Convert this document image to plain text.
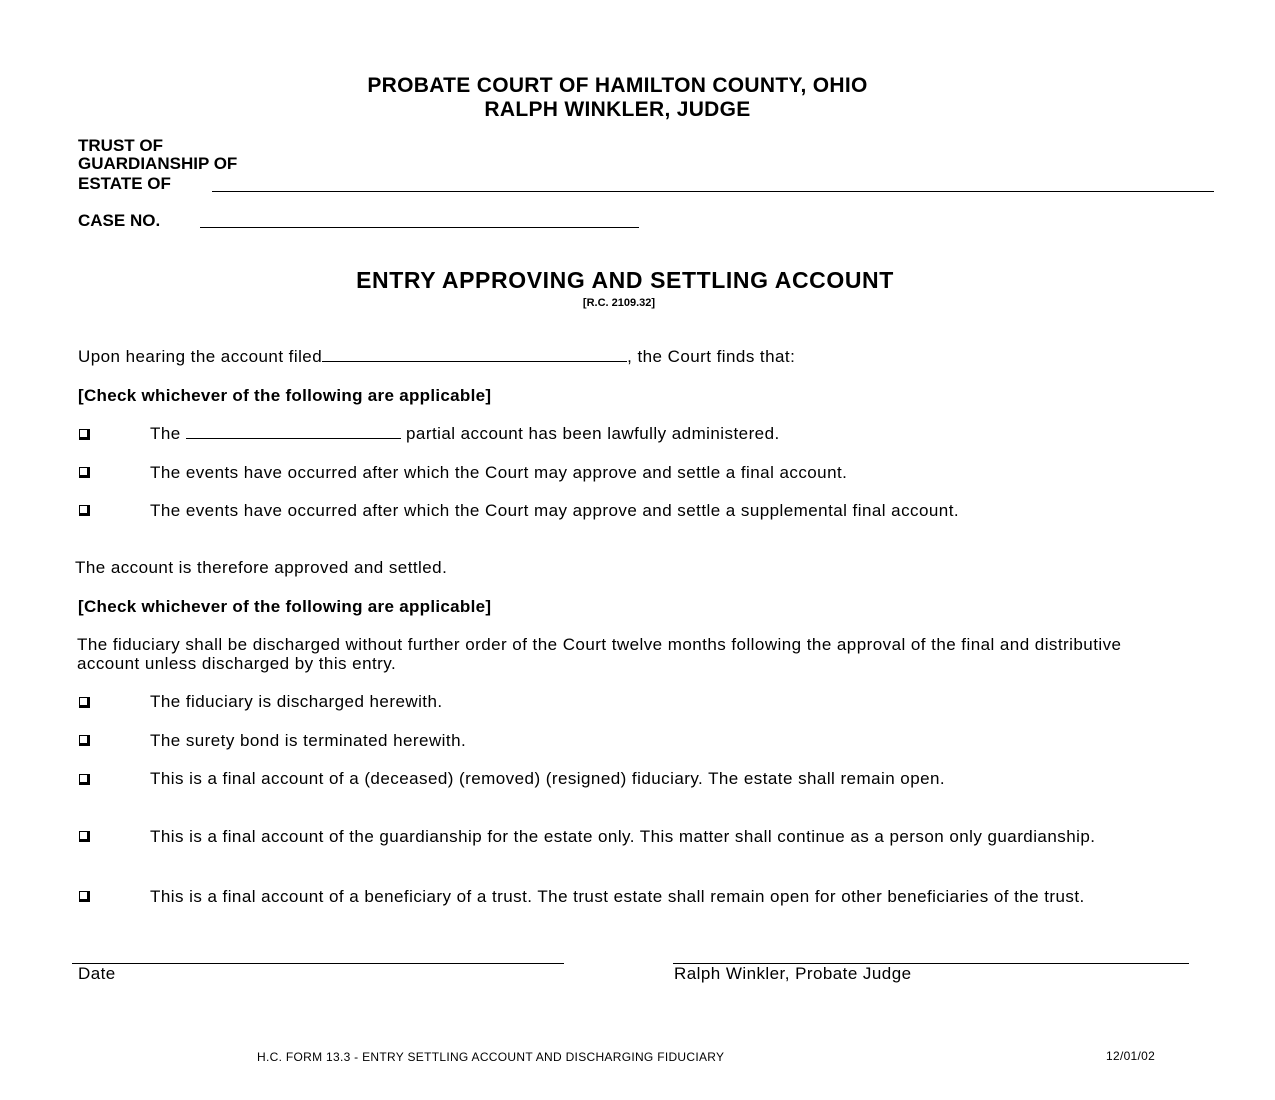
PROBATE COURT OF HAMILTON COUNTY, OHIO
RALPH WINKLER, JUDGE
TRUST OF
GUARDIANSHIP OF
ESTATE OF
CASE NO.
ENTRY APPROVING AND SETTLING ACCOUNT
[R.C. 2109.32]
Upon hearing the account filed	, the Court finds that:
[Check whichever of the following are applicable]
The	partial account has been lawfully administered.
The events have occurred after which the Court may approve and settle a final account.
The events have occurred after which the Court may approve and settle a supplemental final account.
The account is therefore approved and settled.
[Check whichever of the following are applicable]
The fiduciary shall be discharged without further order of the Court twelve months following the approval of the final and distributive account unless discharged by this entry.
The fiduciary is discharged herewith.
The surety bond is terminated herewith.
This is a final account of a (deceased) (removed) (resigned) fiduciary. The estate shall remain open.
This is a final account of the guardianship for the estate only. This matter shall continue as a person only guardianship.
This is a final account of a beneficiary of a trust. The trust estate shall remain open for other beneficiaries of the trust.
Date	Ralph Winkler, Probate Judge
H.C. FORM 13.3 - ENTRY SETTLING ACCOUNT AND DISCHARGING FIDUCIARY	12/01/02
